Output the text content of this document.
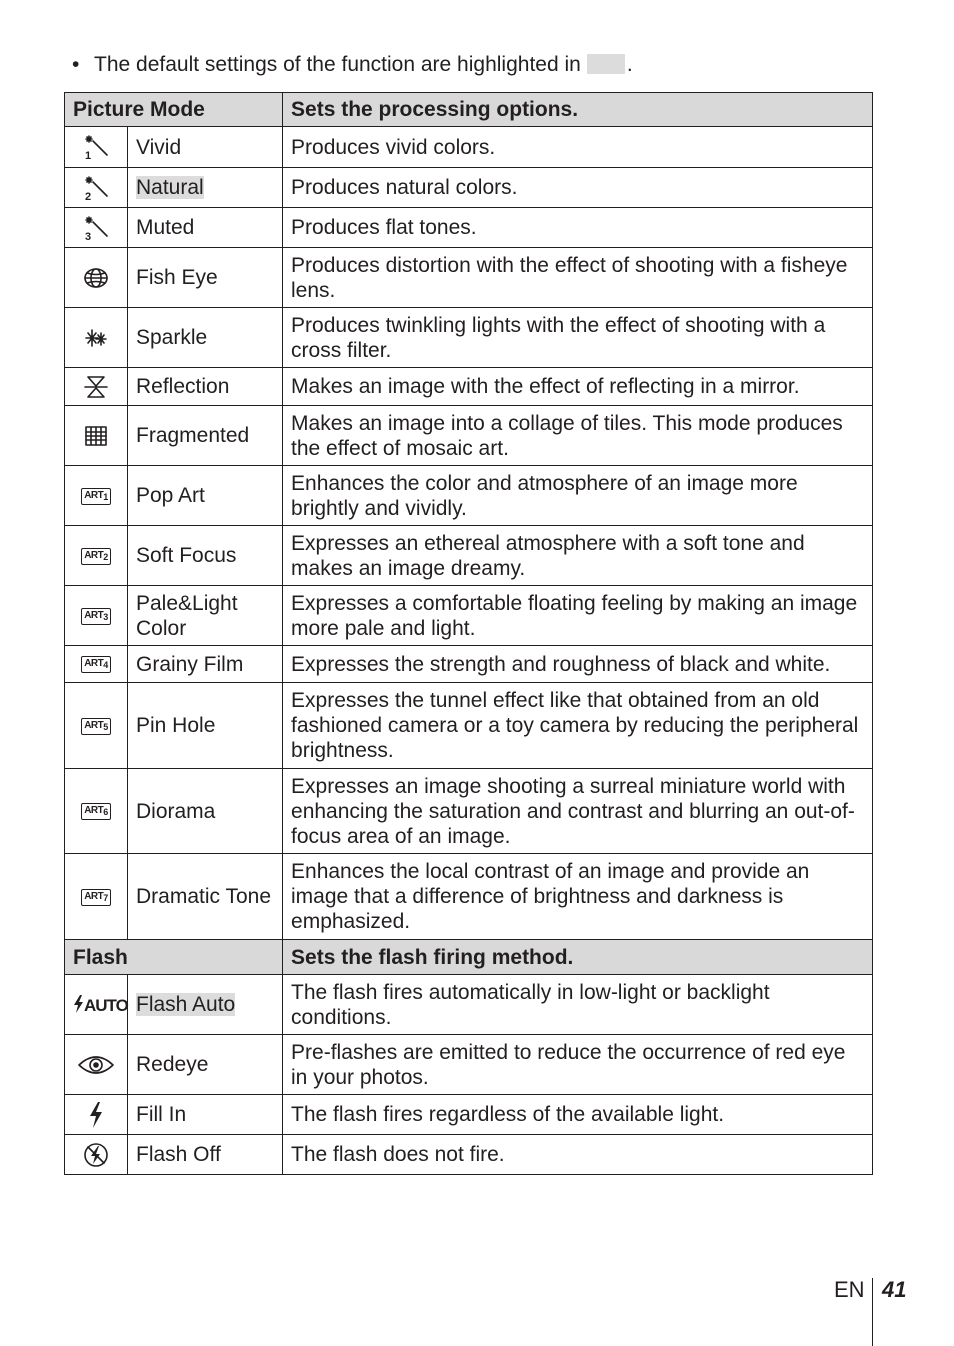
• The default settings of the function are highlighted in .
Picture Mode		Sets the processing options.

1	Vivid	Produces vivid colors.

2	Natural	Produces natural colors.

3	Muted	Produces flat tones.

	Fish Eye	Produces distortion with the effect of shooting with a fisheye lens.

	Sparkle	Produces twinkling lights with the effect of shooting with a cross filter.

	Reflection	Makes an image with the effect of reflecting in a mirror.

	Fragmented	Makes an image into a collage of tiles. This mode produces the effect of mosaic art.
$ART_1$	Pop Art	Enhances the color and atmosphere of an image more brightly and vividly.
$ART_2$	Soft Focus	Expresses an ethereal atmosphere with a soft tone and makes an image dreamy.
$ART_3$	Pale&Light Color	Expresses a comfortable floating feeling by making an image more pale and light.
$ART_4$	Grainy Film	Expresses the strength and roughness of black and white.
$ART_5$	Pin Hole	Expresses the tunnel effect like that obtained from an old fashioned camera or a toy camera by reducing the peripheral brightness.
$ART_6$	Diorama	Expresses an image shooting a surreal miniature world with enhancing the saturation and contrast and blurring an out-of-focus area of an image.
$ART_7$	Dramatic Tone	Enhances the local contrast of an image and provide an image that a difference of brightness and darkness is emphasized.
Flash		Sets the flash firing method.
AUTO	Flash Auto	The flash fires automatically in low-light or backlight conditions.

	Redeye	Pre-flashes are emitted to reduce the occurrence of red eye in your photos.

	Fill In	The flash fires regardless of the available light.

	Flash Off	The flash does not fire.
EN 41
